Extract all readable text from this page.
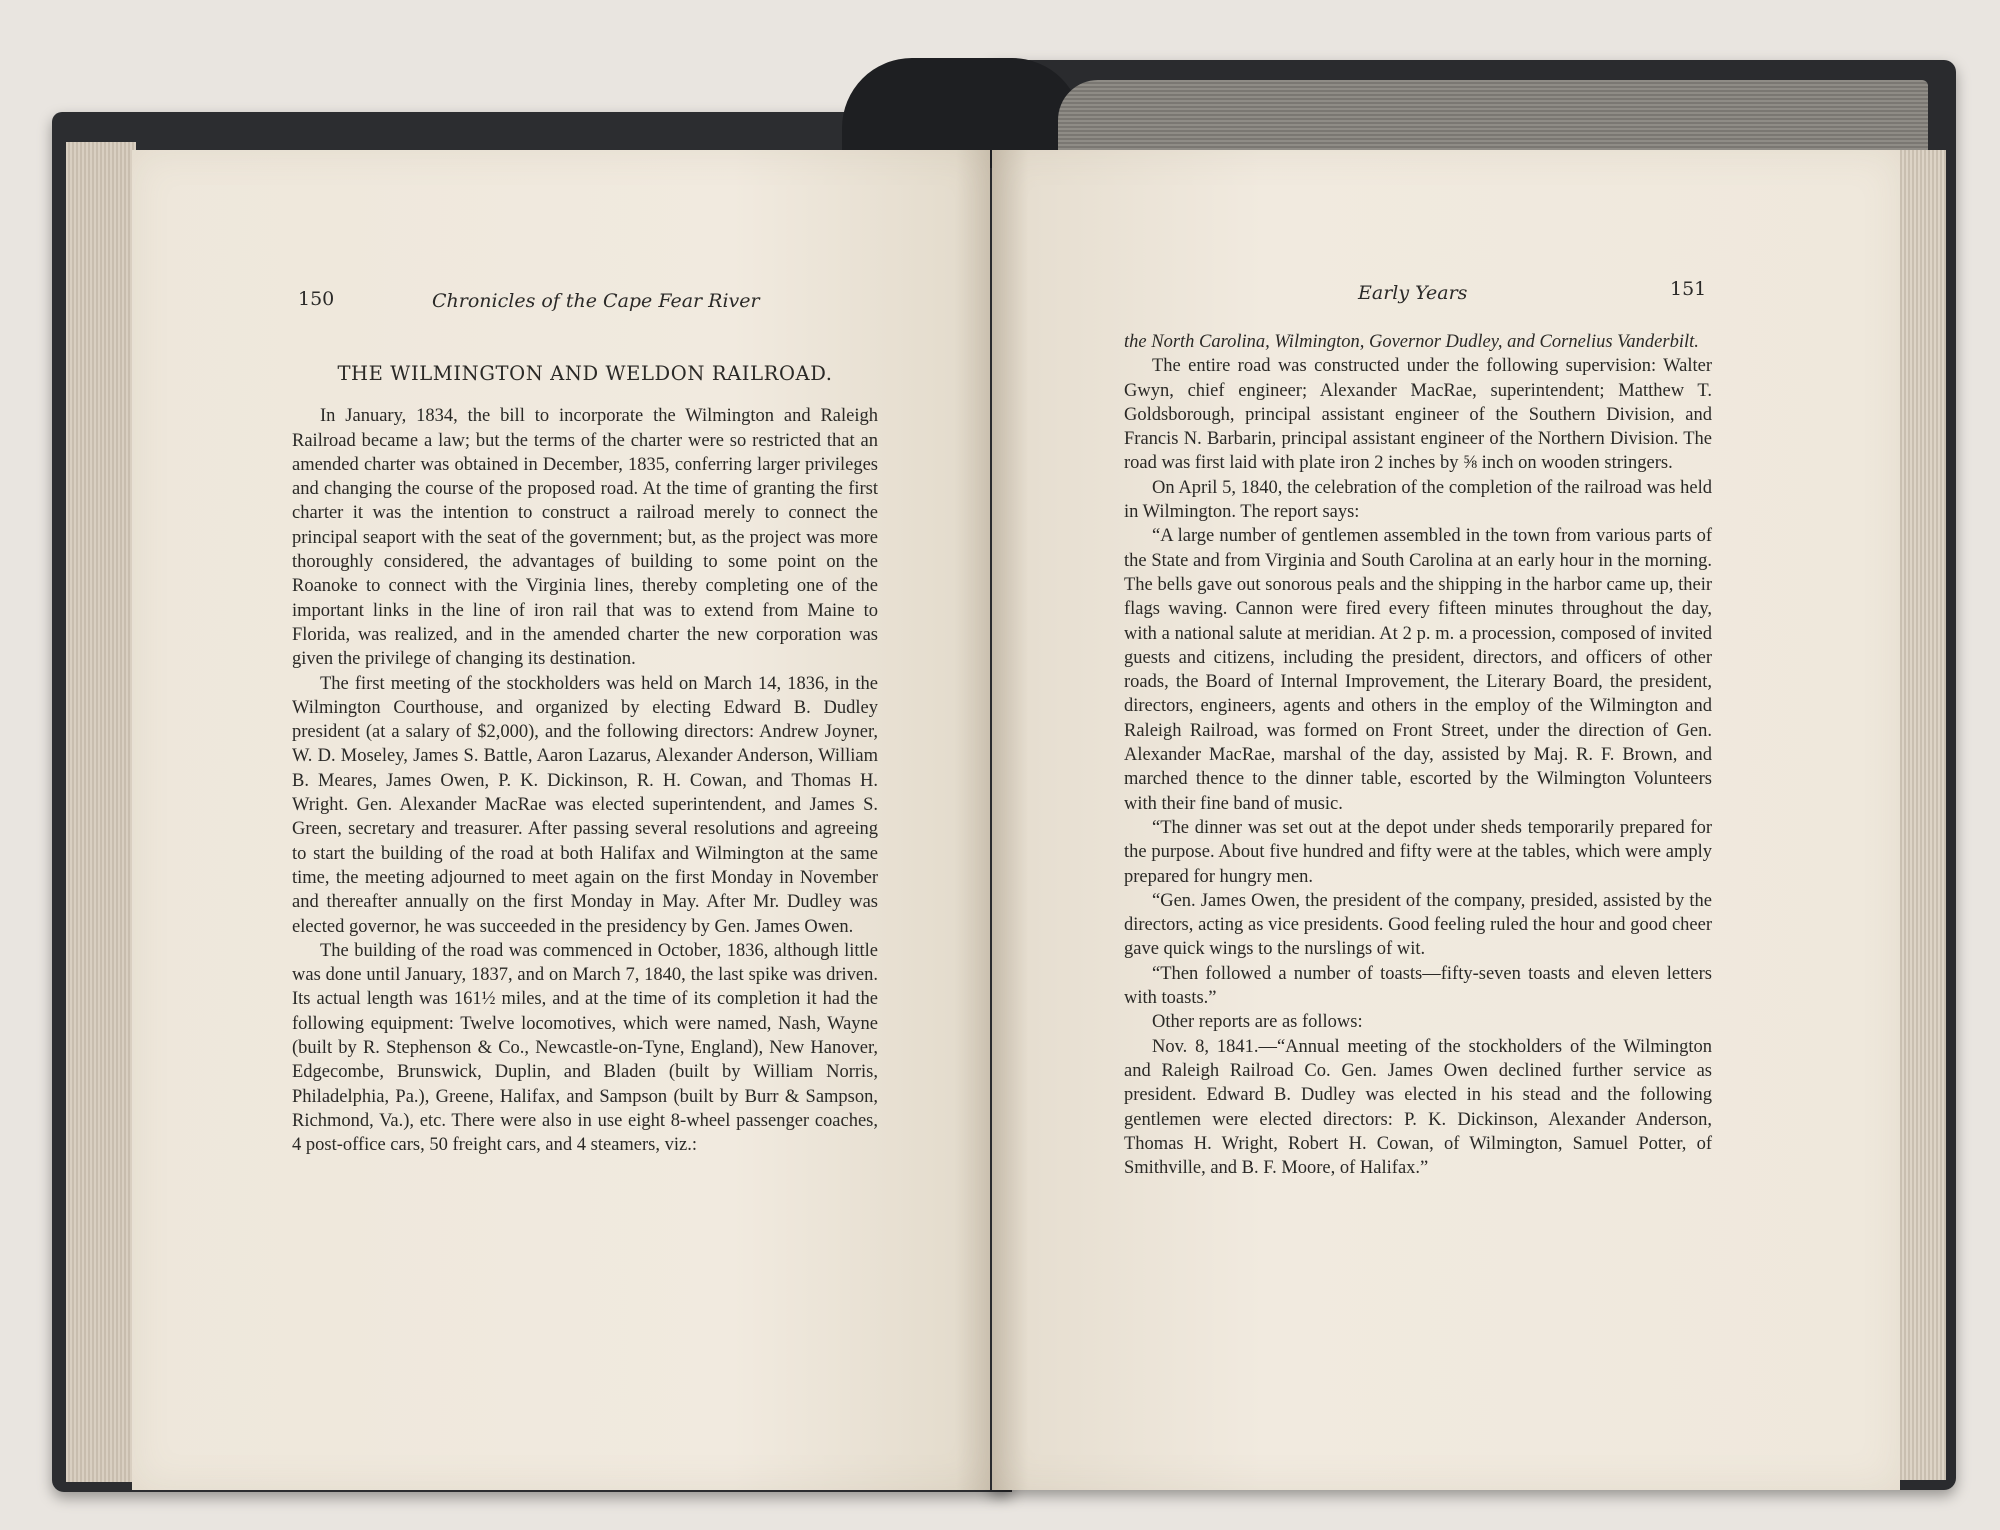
150	Chronicles of the Cape Fear River
THE WILMINGTON AND WELDON RAILROAD.

In January, 1834, the bill to incorporate the Wilmington and Raleigh Railroad became a law; but the terms of the charter were so restricted that an amended charter was obtained in December, 1835, conferring larger privileges and changing the course of the proposed road. At the time of granting the first charter it was the intention to construct a railroad merely to connect the principal seaport with the seat of the government; but, as the project was more thoroughly considered, the advantages of building to some point on the Roanoke to connect with the Virginia lines, thereby completing one of the important links in the line of iron rail that was to extend from Maine to Florida, was realized, and in the amended charter the new corporation was given the privilege of changing its destination.

The first meeting of the stockholders was held on March 14, 1836, in the Wilmington Courthouse, and organized by electing Edward B. Dudley president (at a salary of $2,000), and the following directors: Andrew Joyner, W. D. Moseley, James S. Battle, Aaron Lazarus, Alexander Anderson, William B. Meares, James Owen, P. K. Dickinson, R. H. Cowan, and Thomas H. Wright. Gen. Alexander MacRae was elected superintendent, and James S. Green, secretary and treasurer. After passing several resolutions and agreeing to start the building of the road at both Halifax and Wilmington at the same time, the meeting adjourned to meet again on the first Monday in November and thereafter annually on the first Monday in May. After Mr. Dudley was elected governor, he was succeeded in the presidency by Gen. James Owen.

The building of the road was commenced in October, 1836, although little was done until January, 1837, and on March 7, 1840, the last spike was driven. Its actual length was 161½ miles, and at the time of its completion it had the following equipment: Twelve locomotives, which were named, Nash, Wayne (built by R. Stephenson & Co., Newcastle-on-Tyne, England), New Hanover, Edgecombe, Brunswick, Duplin, and Bladen (built by William Norris, Philadelphia, Pa.), Greene, Halifax, and Sampson (built by Burr & Sampson, Richmond, Va.), etc. There were also in use eight 8-wheel passenger coaches, 4 post-office cars, 50 freight cars, and 4 steamers, viz.:

Early Years	151

the North Carolina, Wilmington, Governor Dudley, and Cornelius Vanderbilt.

The entire road was constructed under the following supervision: Walter Gwyn, chief engineer; Alexander MacRae, superintendent; Matthew T. Goldsborough, principal assistant engineer of the Southern Division, and Francis N. Barbarin, principal assistant engineer of the Northern Division. The road was first laid with plate iron 2 inches by ⅝ inch on wooden stringers.

On April 5, 1840, the celebration of the completion of the railroad was held in Wilmington. The report says:

“A large number of gentlemen assembled in the town from various parts of the State and from Virginia and South Carolina at an early hour in the morning. The bells gave out sonorous peals and the shipping in the harbor came up, their flags waving. Cannon were fired every fifteen minutes throughout the day, with a national salute at meridian. At 2 p. m. a procession, composed of invited guests and citizens, including the president, directors, and officers of other roads, the Board of Internal Improvement, the Literary Board, the president, directors, engineers, agents and others in the employ of the Wilmington and Raleigh Railroad, was formed on Front Street, under the direction of Gen. Alexander MacRae, marshal of the day, assisted by Maj. R. F. Brown, and marched thence to the dinner table, escorted by the Wilmington Volunteers with their fine band of music.

“The dinner was set out at the depot under sheds temporarily prepared for the purpose. About five hundred and fifty were at the tables, which were amply prepared for hungry men.

“Gen. James Owen, the president of the company, presided, assisted by the directors, acting as vice presidents. Good feeling ruled the hour and good cheer gave quick wings to the nurslings of wit.

“Then followed a number of toasts—fifty-seven toasts and eleven letters with toasts.”

Other reports are as follows:

Nov. 8, 1841.—“Annual meeting of the stockholders of the Wilmington and Raleigh Railroad Co. Gen. James Owen declined further service as president. Edward B. Dudley was elected in his stead and the following gentlemen were elected directors: P. K. Dickinson, Alexander Anderson, Thomas H. Wright, Robert H. Cowan, of Wilmington, Samuel Potter, of Smithville, and B. F. Moore, of Halifax.”
